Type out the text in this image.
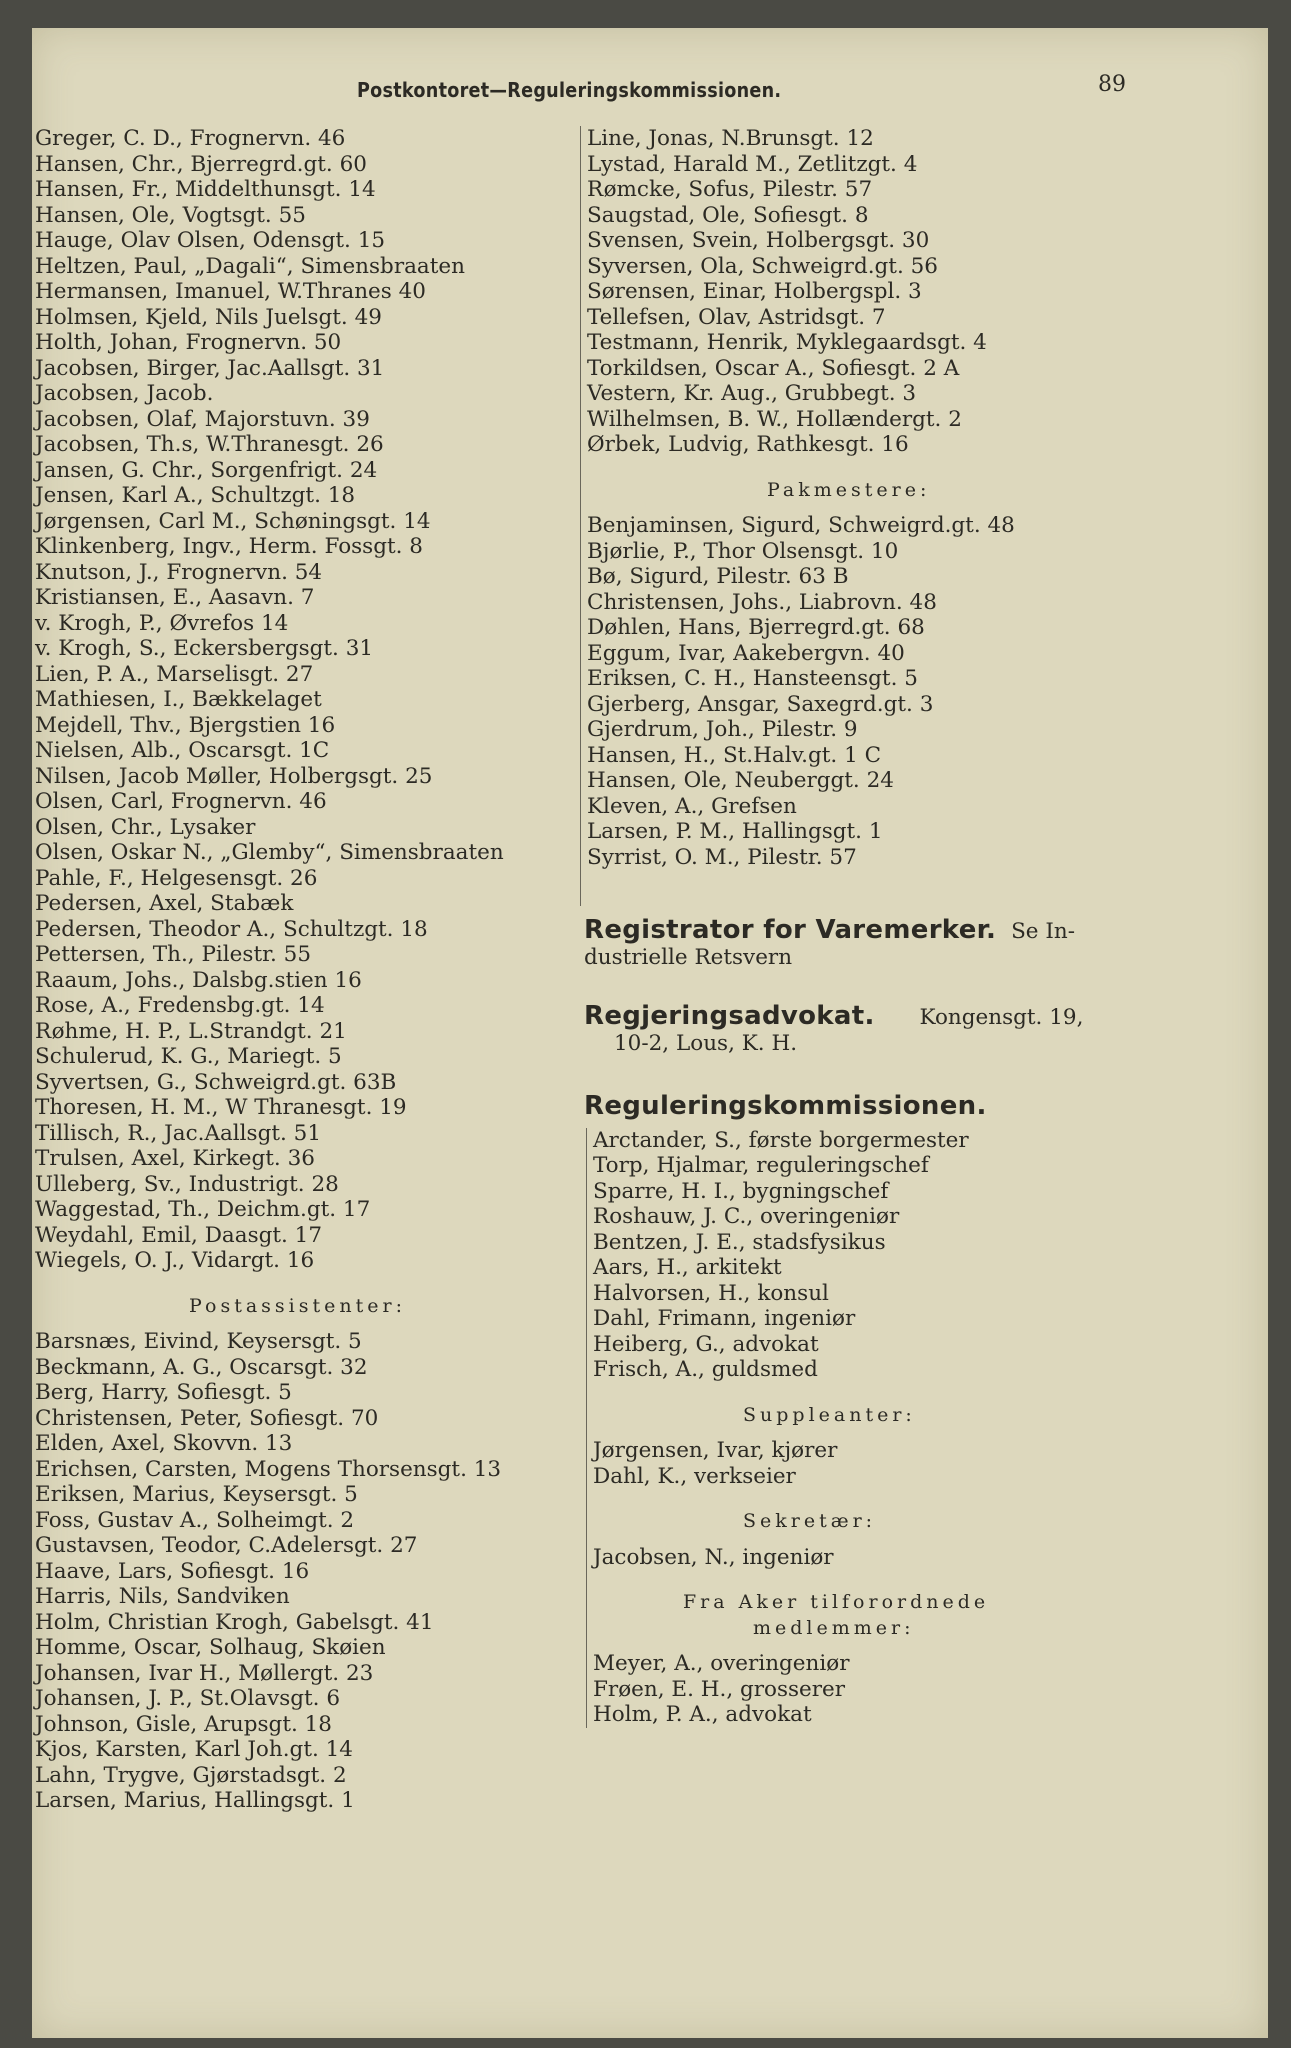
Postkontoret—Reguleringskommissionen.	89
Greger, C. D., Frognervn. 46
Hansen, Chr., Bjerregrd.gt. 60
Hansen, Fr., Middelthunsgt. 14
Hansen, Ole, Vogtsgt. 55
Hauge, Olav Olsen, Odensgt. 15
Heltzen, Paul, „Dagali“, Simensbraaten
Hermansen, Imanuel, W.Thranes 40
Holmsen, Kjeld, Nils Juelsgt. 49
Holth, Johan, Frognervn. 50
Jacobsen, Birger, Jac.Aallsgt. 31
Jacobsen, Jacob.
Jacobsen, Olaf, Majorstuvn. 39
Jacobsen, Th.s, W.Thranesgt. 26
Jansen, G. Chr., Sorgenfrigt. 24
Jensen, Karl A., Schultzgt. 18
Jørgensen, Carl M., Schøningsgt. 14
Klinkenberg, Ingv., Herm. Fossgt. 8
Knutson, J., Frognervn. 54
Kristiansen, E., Aasavn. 7
v. Krogh, P., Øvrefos 14
v. Krogh, S., Eckersbergsgt. 31
Lien, P. A., Marselisgt. 27
Mathiesen, I., Bækkelaget
Mejdell, Thv., Bjergstien 16
Nielsen, Alb., Oscarsgt. 1C
Nilsen, Jacob Møller, Holbergsgt. 25
Olsen, Carl, Frognervn. 46
Olsen, Chr., Lysaker
Olsen, Oskar N., „Glemby“, Simensbraaten
Pahle, F., Helgesensgt. 26
Pedersen, Axel, Stabæk
Pedersen, Theodor A., Schultzgt. 18
Pettersen, Th., Pilestr. 55
Raaum, Johs., Dalsbg.stien 16
Rose, A., Fredensbg.gt. 14
Røhme, H. P., L.Strandgt. 21
Schulerud, K. G., Mariegt. 5
Syvertsen, G., Schweigrd.gt. 63B
Thoresen, H. M., W Thranesgt. 19
Tillisch, R., Jac.Aallsgt. 51
Trulsen, Axel, Kirkegt. 36
Ulleberg, Sv., Industrigt. 28
Waggestad, Th., Deichm.gt. 17
Weydahl, Emil, Daasgt. 17
Wiegels, O. J., Vidargt. 16
Postassistenter:
Barsnæs, Eivind, Keysersgt. 5
Beckmann, A. G., Oscarsgt. 32
Berg, Harry, Sofiesgt. 5
Christensen, Peter, Sofiesgt. 70
Elden, Axel, Skovvn. 13
Erichsen, Carsten, Mogens Thorsensgt. 13
Eriksen, Marius, Keysersgt. 5
Foss, Gustav A., Solheimgt. 2
Gustavsen, Teodor, C.Adelersgt. 27
Haave, Lars, Sofiesgt. 16
Harris, Nils, Sandviken
Holm, Christian Krogh, Gabelsgt. 41
Homme, Oscar, Solhaug, Skøien
Johansen, Ivar H., Møllergt. 23
Johansen, J. P., St.Olavsgt. 6
Johnson, Gisle, Arupsgt. 18
Kjos, Karsten, Karl Joh.gt. 14
Lahn, Trygve, Gjørstadsgt. 2
Larsen, Marius, Hallingsgt. 1
Line, Jonas, N.Brunsgt. 12
Lystad, Harald M., Zetlitzgt. 4
Rømcke, Sofus, Pilestr. 57
Saugstad, Ole, Sofiesgt. 8
Svensen, Svein, Holbergsgt. 30
Syversen, Ola, Schweigrd.gt. 56
Sørensen, Einar, Holbergspl. 3
Tellefsen, Olav, Astridsgt. 7
Testmann, Henrik, Myklegaardsgt. 4
Torkildsen, Oscar A., Sofiesgt. 2 A
Vestern, Kr. Aug., Grubbegt. 3
Wilhelmsen, B. W., Hollændergt. 2
Ørbek, Ludvig, Rathkesgt. 16
Pakmestere:
Benjaminsen, Sigurd, Schweigrd.gt. 48
Bjørlie, P., Thor Olsensgt. 10
Bø, Sigurd, Pilestr. 63 B
Christensen, Johs., Liabrovn. 48
Døhlen, Hans, Bjerregrd.gt. 68
Eggum, Ivar, Aakebergvn. 40
Eriksen, C. H., Hansteensgt. 5
Gjerberg, Ansgar, Saxegrd.gt. 3
Gjerdrum, Joh., Pilestr. 9
Hansen, H., St.Halv.gt. 1 C
Hansen, Ole, Neuberggt. 24
Kleven, A., Grefsen
Larsen, P. M., Hallingsgt. 1
Syrrist, O. M., Pilestr. 57
Registrator for Varemerker. Se In-
dustrielle Retsvern
Regjeringsadvokat. Kongensgt. 19,
10-2, Lous, K. H.
Reguleringskommissionen.
Arctander, S., første borgermester
Torp, Hjalmar, reguleringschef
Sparre, H. I., bygningschef
Roshauw, J. C., overingeniør
Bentzen, J. E., stadsfysikus
Aars, H., arkitekt
Halvorsen, H., konsul
Dahl, Frimann, ingeniør
Heiberg, G., advokat
Frisch, A., guldsmed
Suppleanter:
Jørgensen, Ivar, kjører
Dahl, K., verkseier
Sekretær:
Jacobsen, N., ingeniør
Fra Aker tilforordnede
medlemmer:
Meyer, A., overingeniør
Frøen, E. H., grosserer
Holm, P. A., advokat
